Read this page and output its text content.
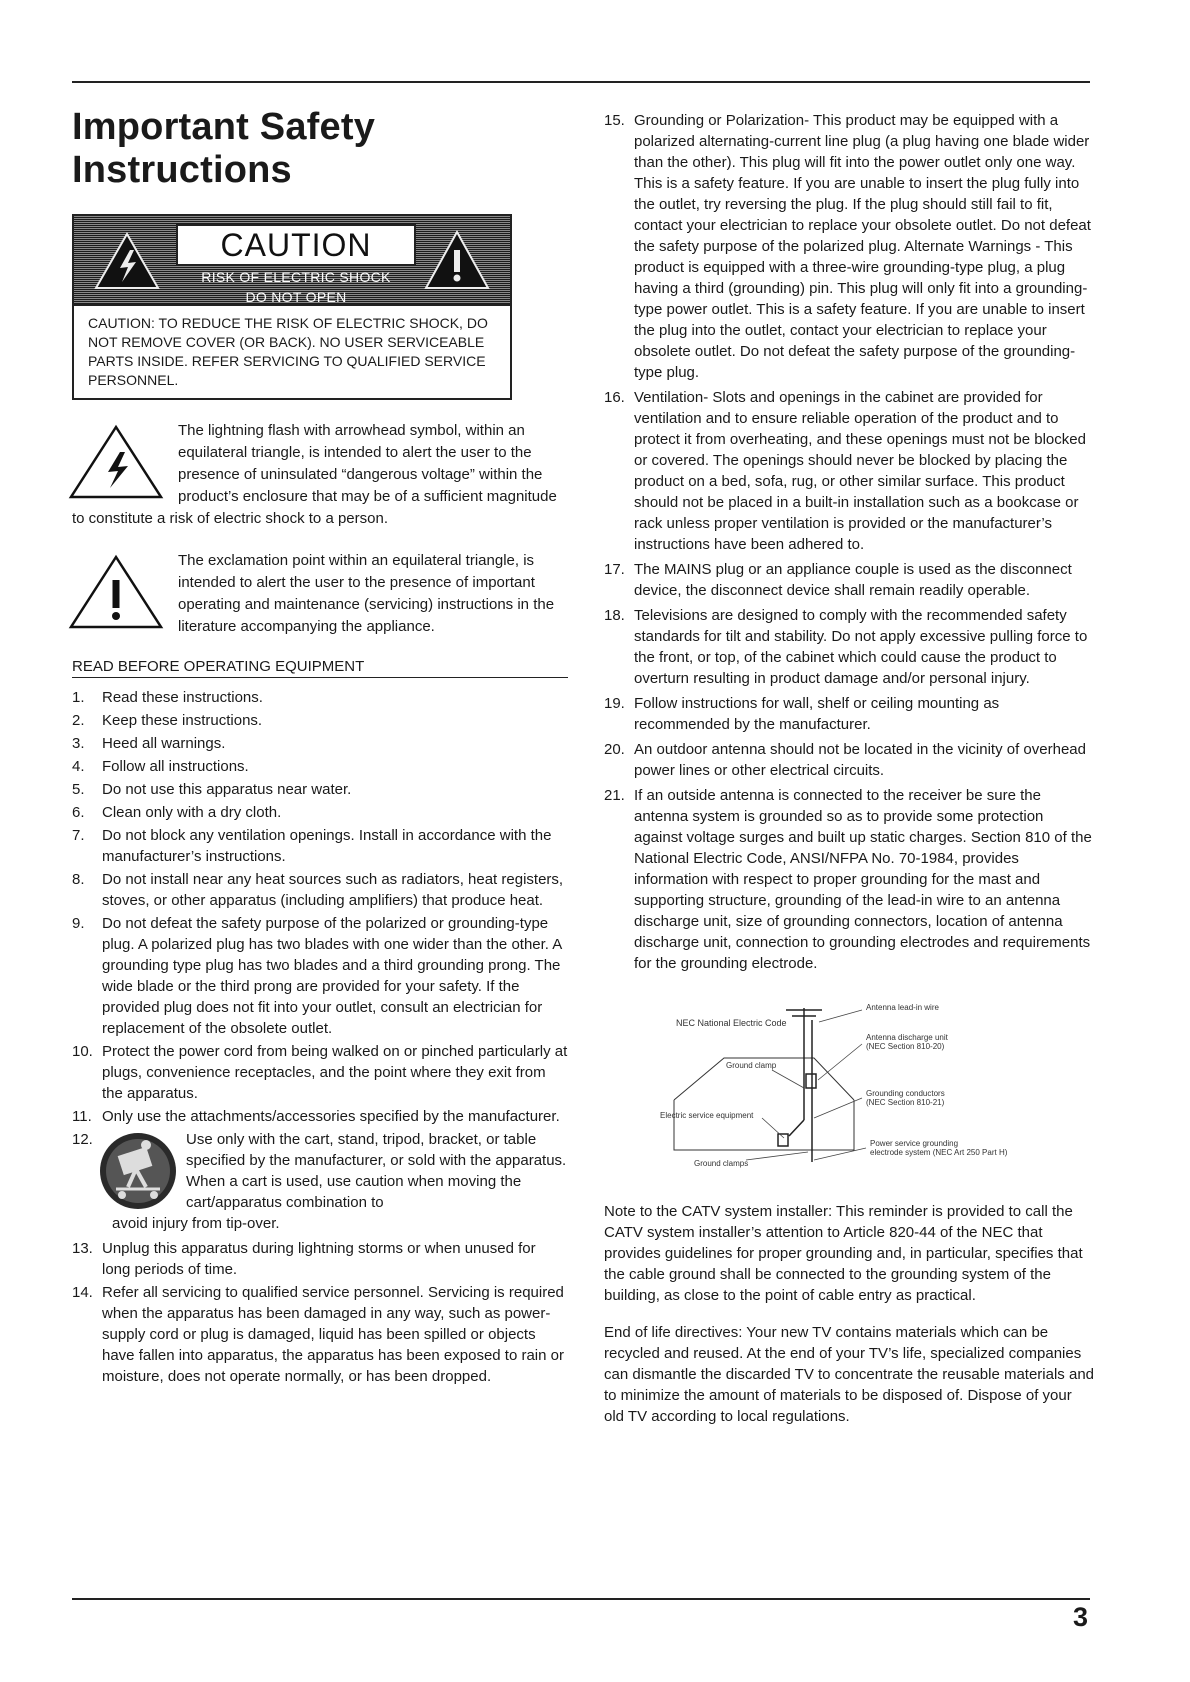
Important Safety Instructions
CAUTION
RISK OF ELECTRIC SHOCK
DO NOT OPEN
CAUTION: TO REDUCE THE RISK OF ELECTRIC SHOCK, DO NOT REMOVE COVER (OR BACK). NO USER SERVICEABLE PARTS INSIDE. REFER SERVICING TO QUALIFIED SERVICE PERSONNEL.
The lightning flash with arrowhead symbol, within an equilateral triangle, is intended to alert the user to the presence of uninsulated “dangerous voltage” within the product’s enclosure that may be of a sufficient magnitude to constitute a risk of electric shock to a person.
The exclamation point within an equilateral triangle, is intended to alert the user to the presence of important operating and maintenance (servicing) instructions in the literature accompanying the appliance.
READ BEFORE OPERATING EQUIPMENT
1. Read these instructions.
2. Keep these instructions.
3. Heed all warnings.
4. Follow all instructions.
5. Do not use this apparatus near water.
6. Clean only with a dry cloth.
7. Do not block any ventilation openings. Install in accordance with the manufacturer’s instructions.
8. Do not install near any heat sources such as radiators, heat registers, stoves, or other apparatus (including amplifiers) that produce heat.
9. Do not defeat the safety purpose of the polarized or grounding-type plug. A polarized plug has two blades with one wider than the other. A grounding type plug has two blades and a third grounding prong. The wide blade or the third prong are provided for your safety. If the provided plug does not fit into your outlet, consult an electrician for replacement of the obsolete outlet.
10. Protect the power cord from being walked on or pinched particularly at plugs, convenience receptacles, and the point where they exit from the apparatus.
11. Only use the attachments/accessories specified by the manufacturer.
12.	Use only with the cart, stand, tripod, bracket, or table specified by the manufacturer, or sold with the apparatus. When a cart is used, use caution when moving the cart/apparatus combination to
avoid injury from tip-over.
13. Unplug this apparatus during lightning storms or when unused for long periods of time.
14. Refer all servicing to qualified service personnel. Servicing is required when the apparatus has been damaged in any way, such as power-supply cord or plug is damaged, liquid has been spilled or objects have fallen into apparatus, the apparatus has been exposed to rain or moisture, does not operate normally, or has been dropped.
15. Grounding or Polarization- This product may be equipped with a polarized alternating-current line plug (a plug having one blade wider than the other). This plug will fit into the power outlet only one way. This is a safety feature. If you are unable to insert the plug fully into the outlet, try reversing the plug. If the plug should still fail to fit, contact your electrician to replace your obsolete outlet. Do not defeat the safety purpose of the polarized plug. Alternate Warnings - This product is equipped with a three-wire grounding-type plug, a plug having a third (grounding) pin. This plug will only fit into a grounding-type power outlet. This is a safety feature. If you are unable to insert the plug into the outlet, contact your electrician to replace your obsolete outlet. Do not defeat the safety purpose of the grounding-type plug.
16. Ventilation- Slots and openings in the cabinet are provided for ventilation and to ensure reliable operation of the product and to protect it from overheating, and these openings must not be blocked or covered. The openings should never be blocked by placing the product on a bed, sofa, rug, or other similar surface. This product should not be placed in a built-in installation such as a bookcase or rack unless proper ventilation is provided or the manufacturer’s instructions have been adhered to.
17. The MAINS plug or an appliance couple is used as the disconnect device, the disconnect device shall remain readily operable.
18. Televisions are designed to comply with the recommended safety standards for tilt and stability. Do not apply excessive pulling force to the front, or top, of the cabinet which could cause the product to overturn resulting in product damage and/or personal injury.
19. Follow instructions for wall, shelf or ceiling mounting as recommended by the manufacturer.
20. An outdoor antenna should not be located in the vicinity of overhead power lines or other electrical circuits.
21. If an outside antenna is connected to the receiver be sure the antenna system is grounded so as to provide some protection against voltage surges and built up static charges. Section 810 of the National Electric Code, ANSI/NFPA No. 70-1984, provides information with respect to proper grounding for the mast and supporting structure, grounding of the lead-in wire to an antenna discharge unit, size of grounding connectors, location of antenna discharge unit, connection to grounding electrodes and requirements for the grounding electrode.
NEC National Electric Code
Antenna lead-in wire
Antenna discharge unit
(NEC Section 810-20)
Ground clamp
Electric service equipment
Grounding conductors
(NEC Section 810-21)
Ground clamps
Power service grounding
electrode system (NEC Art 250 Part H)
Note to the CATV system installer: This reminder is provided to call the CATV system installer’s attention to Article 820-44 of the NEC that provides guidelines for proper grounding and, in particular, specifies that the cable ground shall be connected to the grounding system of the building, as close to the point of cable entry as practical.
End of life directives: Your new TV contains materials which can be recycled and reused. At the end of your TV’s life, specialized companies can dismantle the discarded TV to concentrate the reusable materials and to minimize the amount of materials to be disposed of. Dispose of your old TV according to local regulations.
3
